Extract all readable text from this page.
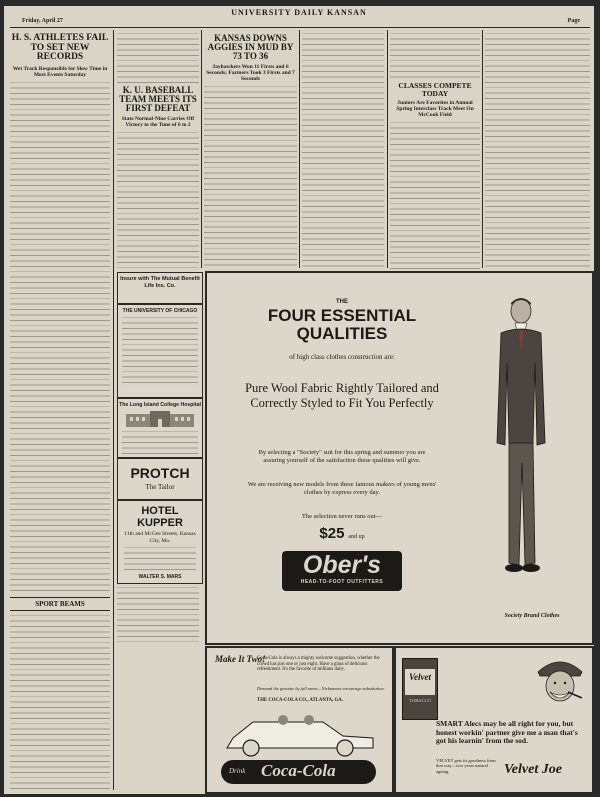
Friday, April 27
UNIVERSITY DAILY KANSAN
Page
H. S. ATHLETES FAIL TO SET NEW RECORDS
Wet Track Responsible for Slow Time in Most Events Saturday
SPORT BEAMS
K. U. BASEBALL TEAM MEETS ITS FIRST DEFEAT
State Normal-Nine Carries Off Victory to the Tune of 6 to 2
Insure with The Mutual Benefit Life Ins. Co.
THE UNIVERSITY OF CHICAGO
The Long Island College Hospital
PROTCH
The Tailor
HOTEL KUPPER
11th and McGee Streets, Kansas City, Mo.
WALTER S. MARS
KANSAS DOWNS AGGIES IN MUD BY 73 TO 36
Jayhawkers Won 11 Firsts and 6 Seconds; Farmers Took 3 Firsts and 7 Seconds
CLASSES COMPETE TODAY
Juniors Are Favorites in Annual Spring Interclass Track Meet On McCook Field
THE
FOUR ESSENTIAL
QUALITIES
of high class clothes construction are:
Pure Wool Fabric Rightly Tailored and Correctly Styled to Fit You Perfectly
By selecting a "Society" suit for this spring and summer you are assuring yourself of the satisfaction these qualities will give.
We are receiving new models from these famous makers of young mens' clothes by express every day.
The selection never runs out—
$25 and up
Ober's
HEAD-TO-FOOT OUTFITTERS
Society Brand Clothes
Make It Two!
Coca-Cola is always a mighty welcome suggestion, whether the crowd has just one or just eight. Have a glass of delicious refreshment. It's the favorite of millions daily.
Demand the genuine by full name—Nicknames encourage substitution.
THE COCA-COLA CO., ATLANTA, GA.
Drink Coca-Cola
Velvet
TOBACCO
SMART Alecs may be all right for you, but honest workin' partner give me a man that's got his learnin' from the sod.
VELVET gets its goodness from that way—two years natural ageing.	Velvet Joe
